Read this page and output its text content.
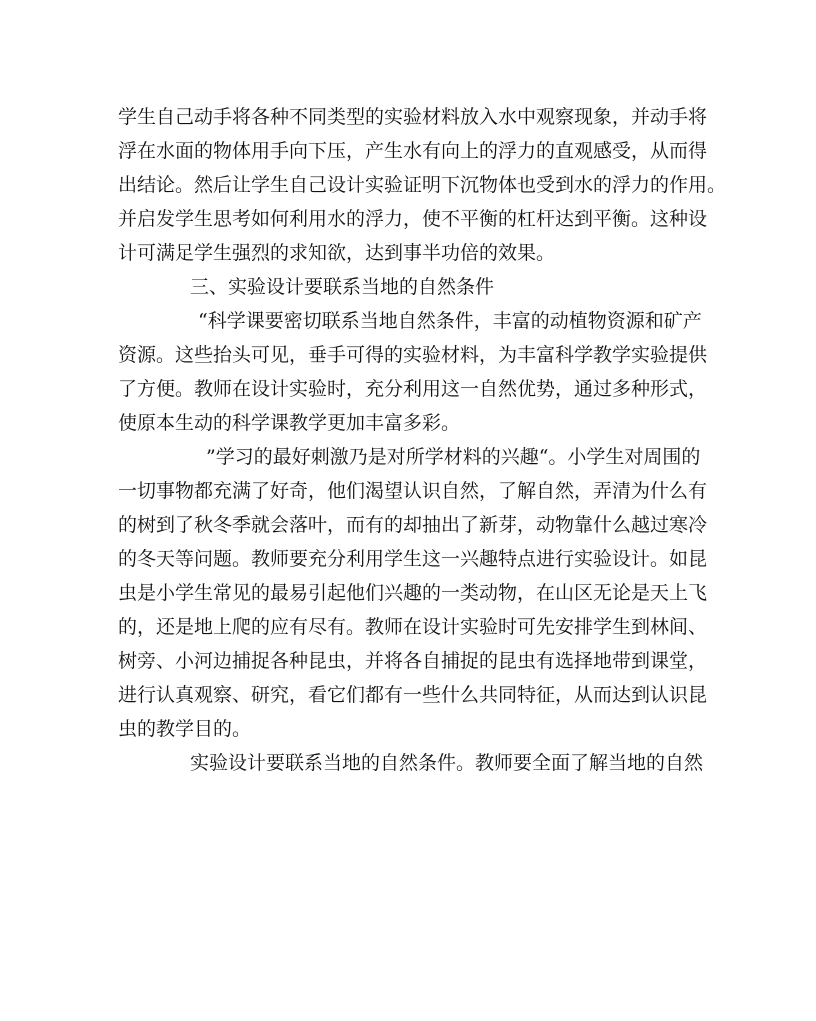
学生自己动手将各种不同类型的实验材料放入水中观察现象，并动手将
浮在水面的物体用手向下压，产生水有向上的浮力的直观感受，从而得
出结论。然后让学生自己设计实验证明下沉物体也受到水的浮力的作用。
并启发学生思考如何利用水的浮力，使不平衡的杠杆达到平衡。这种设
计可满足学生强烈的求知欲，达到事半功倍的效果。
三、实验设计要联系当地的自然条件
“科学课要密切联系当地自然条件，丰富的动植物资源和矿产
资源。这些抬头可见，垂手可得的实验材料，为丰富科学教学实验提供
了方便。教师在设计实验时，充分利用这一自然优势，通过多种形式，
使原本生动的科学课教学更加丰富多彩。
”学习的最好刺激乃是对所学材料的兴趣“。小学生对周围的
一切事物都充满了好奇，他们渴望认识自然，了解自然，弄清为什么有
的树到了秋冬季就会落叶，而有的却抽出了新芽，动物靠什么越过寒冷
的冬天等问题。教师要充分利用学生这一兴趣特点进行实验设计。如昆
虫是小学生常见的最易引起他们兴趣的一类动物，在山区无论是天上飞
的，还是地上爬的应有尽有。教师在设计实验时可先安排学生到林间、
树旁、小河边捕捉各种昆虫，并将各自捕捉的昆虫有选择地带到课堂，
进行认真观察、研究，看它们都有一些什么共同特征，从而达到认识昆
虫的教学目的。
实验设计要联系当地的自然条件。教师要全面了解当地的自然
